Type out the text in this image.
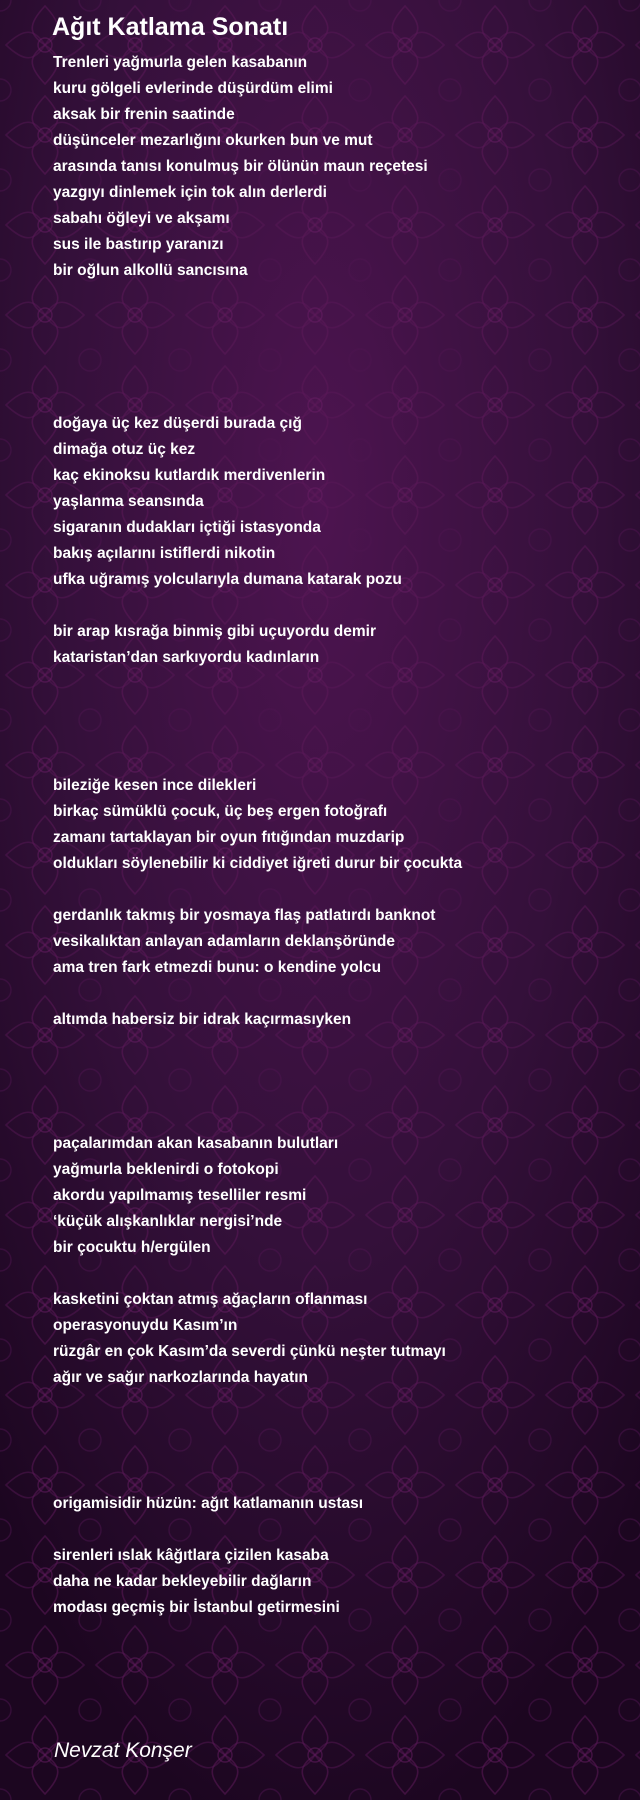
Ağıt Katlama Sonatı
Trenleri yağmurla gelen kasabanın
kuru gölgeli evlerinde düşürdüm elimi
aksak bir frenin saatinde
düşünceler mezarlığını okurken bun ve mut
arasında tanısı konulmuş bir ölünün maun reçetesi
yazgıyı dinlemek için tok alın derlerdi
sabahı öğleyi ve akşamı
sus ile bastırıp yaranızı
bir oğlun alkollü sancısına
doğaya üç kez düşerdi burada çığ
dimağa otuz üç kez
kaç ekinoksu kutlardık merdivenlerin
yaşlanma seansında
sigaranın dudakları içtiği istasyonda
bakış açılarını istiflerdi nikotin
ufka uğramış yolcularıyla dumana katarak pozu
bir arap kısrağa binmiş gibi uçuyordu demir
kataristan’dan sarkıyordu kadınların
bileziğe kesen ince dilekleri
birkaç sümüklü çocuk, üç beş ergen fotoğrafı
zamanı tartaklayan bir oyun fıtığından muzdarip
oldukları söylenebilir ki ciddiyet iğreti durur bir çocukta
gerdanlık takmış bir yosmaya flaş patlatırdı banknot
vesikalıktan anlayan adamların deklanşöründe
ama tren fark etmezdi bunu: o kendine yolcu
altımda habersiz bir idrak kaçırmasıyken
paçalarımdan akan kasabanın bulutları
yağmurla beklenirdi o fotokopi
akordu yapılmamış teselliler resmi
‘küçük alışkanlıklar nergisi’nde
bir çocuktu h/ergülen
kasketini çoktan atmış ağaçların oflanması
operasyonuydu Kasım’ın
rüzgâr en çok Kasım’da severdi çünkü neşter tutmayı
ağır ve sağır narkozlarında hayatın
origamisidir hüzün: ağıt katlamanın ustası
sirenleri ıslak kâğıtlara çizilen kasaba
daha ne kadar bekleyebilir dağların
modası geçmiş bir İstanbul getirmesini

Nevzat Konşer
